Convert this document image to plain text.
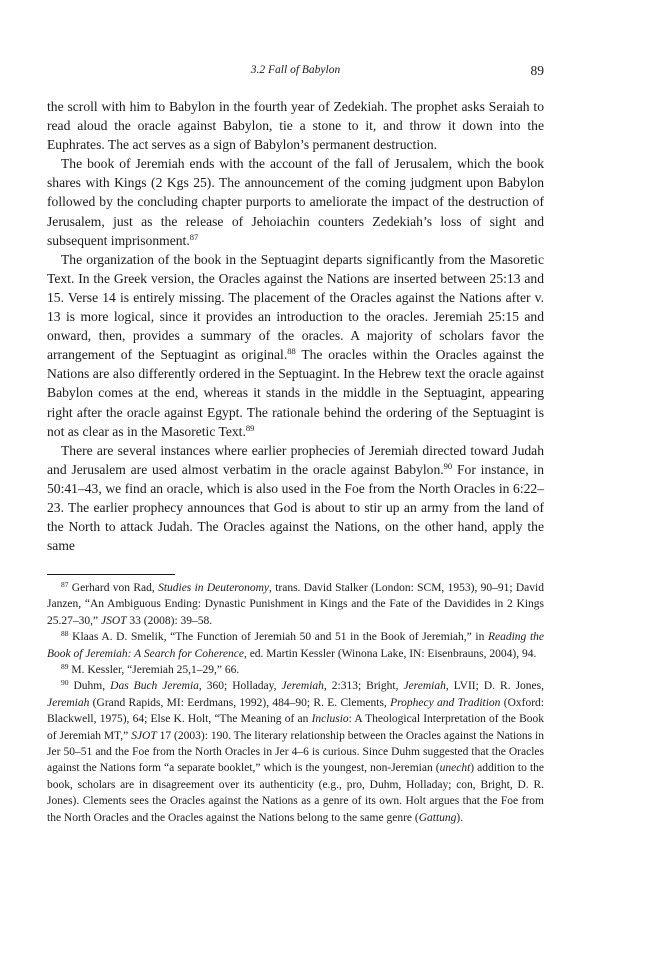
3.2 Fall of Babylon	89

the scroll with him to Babylon in the fourth year of Zedekiah. The prophet asks Seraiah to read aloud the oracle against Babylon, tie a stone to it, and throw it down into the Euphrates. The act serves as a sign of Babylon’s permanent destruction.

The book of Jeremiah ends with the account of the fall of Jerusalem, which the book shares with Kings (2 Kgs 25). The announcement of the coming judgment upon Babylon followed by the concluding chapter purports to ameliorate the impact of the destruction of Jerusalem, just as the release of Jehoiachin counters Zedekiah’s loss of sight and subsequent imprisonment.$^{87}$

The organization of the book in the Septuagint departs significantly from the Masoretic Text. In the Greek version, the Oracles against the Nations are inserted between 25:13 and 15. Verse 14 is entirely missing. The placement of the Oracles against the Nations after v. 13 is more logical, since it provides an introduction to the oracles. Jeremiah 25:15 and onward, then, provides a summary of the oracles. A majority of scholars favor the arrangement of the Septuagint as original.$^{88}$ The oracles within the Oracles against the Nations are also differently ordered in the Septuagint. In the Hebrew text the oracle against Babylon comes at the end, whereas it stands in the middle in the Septuagint, appearing right after the oracle against Egypt. The rationale behind the ordering of the Septuagint is not as clear as in the Masoretic Text.$^{89}$

There are several instances where earlier prophecies of Jeremiah directed toward Judah and Jerusalem are used almost verbatim in the oracle against Babylon.$^{90}$ For instance, in 50:41–43, we find an oracle, which is also used in the Foe from the North Oracles in 6:22–23. The earlier prophecy announces that God is about to stir up an army from the land of the North to attack Judah. The Oracles against the Nations, on the other hand, apply the same

$^{87}$ Gerhard von Rad, Studies in Deuteronomy, trans. David Stalker (London: SCM, 1953), 90–91; David Janzen, “An Ambiguous Ending: Dynastic Punishment in Kings and the Fate of the Davidides in 2 Kings 25.27–30,” JSOT 33 (2008): 39–58.

$^{88}$ Klaas A. D. Smelik, “The Function of Jeremiah 50 and 51 in the Book of Jeremiah,” in Reading the Book of Jeremiah: A Search for Coherence, ed. Martin Kessler (Winona Lake, IN: Eisenbrauns, 2004), 94.

$^{89}$ M. Kessler, “Jeremiah 25,1–29,” 66.

$^{90}$ Duhm, Das Buch Jeremia, 360; Holladay, Jeremiah, 2:313; Bright, Jeremiah, LVII; D. R. Jones, Jeremiah (Grand Rapids, MI: Eerdmans, 1992), 484–90; R. E. Clements, Prophecy and Tradition (Oxford: Blackwell, 1975), 64; Else K. Holt, “The Meaning of an Inclusio: A Theological Interpretation of the Book of Jeremiah MT,” SJOT 17 (2003): 190. The literary relationship between the Oracles against the Nations in Jer 50–51 and the Foe from the North Oracles in Jer 4–6 is curious. Since Duhm suggested that the Oracles against the Nations form “a separate booklet,” which is the youngest, non-Jeremian (unecht) addition to the book, scholars are in disagreement over its authenticity (e.g., pro, Duhm, Holladay; con, Bright, D. R. Jones). Clements sees the Oracles against the Nations as a genre of its own. Holt argues that the Foe from the North Oracles and the Oracles against the Nations belong to the same genre (Gattung).
